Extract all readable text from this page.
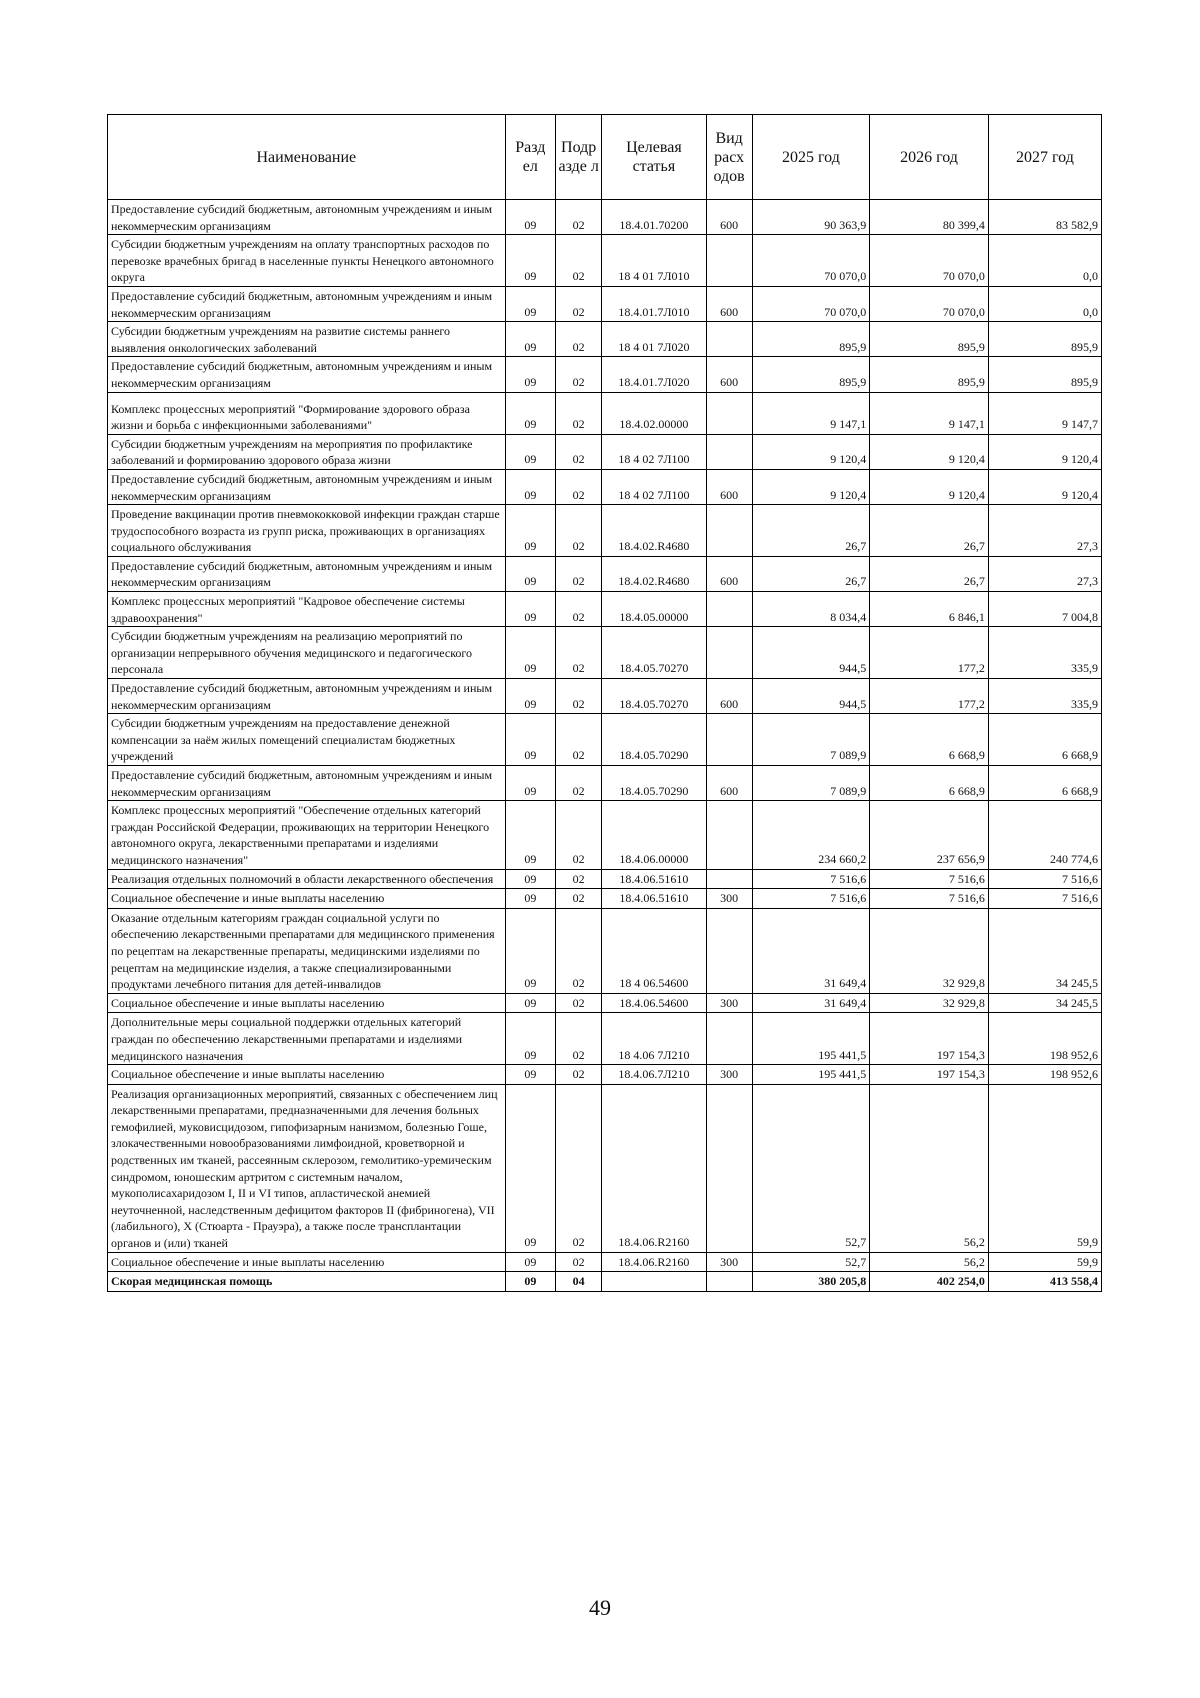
Наименование	Разд ел	Подр азде л	Целевая статья	Вид расх одов	2025 год	2026 год	2027 год
Предоставление субсидий бюджетным, автономным учреждениям и иным некоммерческим организациям	09	02	18.4.01.70200	600	90 363,9	80 399,4	83 582,9
Субсидии бюджетным учреждениям на оплату транспортных расходов по перевозке врачебных бригад в населенные пункты Ненецкого автономного округа	09	02	18 4 01 7Л010		70 070,0	70 070,0	0,0
Предоставление субсидий бюджетным, автономным учреждениям и иным некоммерческим организациям	09	02	18.4.01.7Л010	600	70 070,0	70 070,0	0,0
Субсидии бюджетным учреждениям на развитие системы раннего выявления онкологических заболеваний	09	02	18 4 01 7Л020		895,9	895,9	895,9
Предоставление субсидий бюджетным, автономным учреждениям и иным некоммерческим организациям	09	02	18.4.01.7Л020	600	895,9	895,9	895,9
Комплекс процессных мероприятий "Формирование здорового образа жизни и борьба с инфекционными заболеваниями"	09	02	18.4.02.00000		9 147,1	9 147,1	9 147,7
Субсидии бюджетным учреждениям на мероприятия по профилактике заболеваний и формированию здорового образа жизни	09	02	18 4 02 7Л100		9 120,4	9 120,4	9 120,4
Предоставление субсидий бюджетным, автономным учреждениям и иным некоммерческим организациям	09	02	18 4 02 7Л100	600	9 120,4	9 120,4	9 120,4
Проведение вакцинации против пневмококковой инфекции граждан старше трудоспособного возраста из групп риска, проживающих в организациях социального обслуживания	09	02	18.4.02.R4680		26,7	26,7	27,3
Предоставление субсидий бюджетным, автономным учреждениям и иным некоммерческим организациям	09	02	18.4.02.R4680	600	26,7	26,7	27,3
Комплекс процессных мероприятий "Кадровое обеспечение системы здравоохранения"	09	02	18.4.05.00000		8 034,4	6 846,1	7 004,8
Субсидии бюджетным учреждениям на реализацию мероприятий по организации непрерывного обучения медицинского и педагогического персонала	09	02	18.4.05.70270		944,5	177,2	335,9
Предоставление субсидий бюджетным, автономным учреждениям и иным некоммерческим организациям	09	02	18.4.05.70270	600	944,5	177,2	335,9
Субсидии бюджетным учреждениям на предоставление денежной компенсации за наём жилых помещений специалистам бюджетных учреждений	09	02	18.4.05.70290		7 089,9	6 668,9	6 668,9
Предоставление субсидий бюджетным, автономным учреждениям и иным некоммерческим организациям	09	02	18.4.05.70290	600	7 089,9	6 668,9	6 668,9
Комплекс процессных мероприятий "Обеспечение отдельных категорий граждан Российской Федерации, проживающих на территории Ненецкого автономного округа, лекарственными препаратами и изделиями медицинского назначения"	09	02	18.4.06.00000		234 660,2	237 656,9	240 774,6
Реализация отдельных полномочий в области лекарственного обеспечения	09	02	18.4.06.51610		7 516,6	7 516,6	7 516,6
Социальное обеспечение и иные выплаты населению	09	02	18.4.06.51610	300	7 516,6	7 516,6	7 516,6
Оказание отдельным категориям граждан социальной услуги по обеспечению лекарственными препаратами для медицинского применения по рецептам на лекарственные препараты, медицинскими изделиями по рецептам на медицинские изделия, а также специализированными продуктами лечебного питания для детей-инвалидов	09	02	18 4 06.54600		31 649,4	32 929,8	34 245,5
Социальное обеспечение и иные выплаты населению	09	02	18.4.06.54600	300	31 649,4	32 929,8	34 245,5
Дополнительные меры социальной поддержки отдельных категорий граждан по обеспечению лекарственными препаратами и изделиями медицинского назначения	09	02	18 4.06 7Л210		195 441,5	197 154,3	198 952,6
Социальное обеспечение и иные выплаты населению	09	02	18.4.06.7Л210	300	195 441,5	197 154,3	198 952,6
Реализация организационных мероприятий, связанных с обеспечением лиц лекарственными препаратами, предназначенными для лечения больных гемофилией, муковисцидозом, гипофизарным нанизмом, болезнью Гоше, злокачественными новообразованиями лимфоидной, кроветворной и родственных им тканей, рассеянным склерозом, гемолитико-уремическим синдромом, юношеским артритом с системным началом, мукополисахаридозом I, II и VI типов, апластической анемией неуточненной, наследственным дефицитом факторов II (фибриногена), VII (лабильного), X (Стюарта - Прауэра), а также после трансплантации органов и (или) тканей	09	02	18.4.06.R2160		52,7	56,2	59,9
Социальное обеспечение и иные выплаты населению	09	02	18.4.06.R2160	300	52,7	56,2	59,9
Скорая медицинская помощь	09	04			380 205,8	402 254,0	413 558,4
49
